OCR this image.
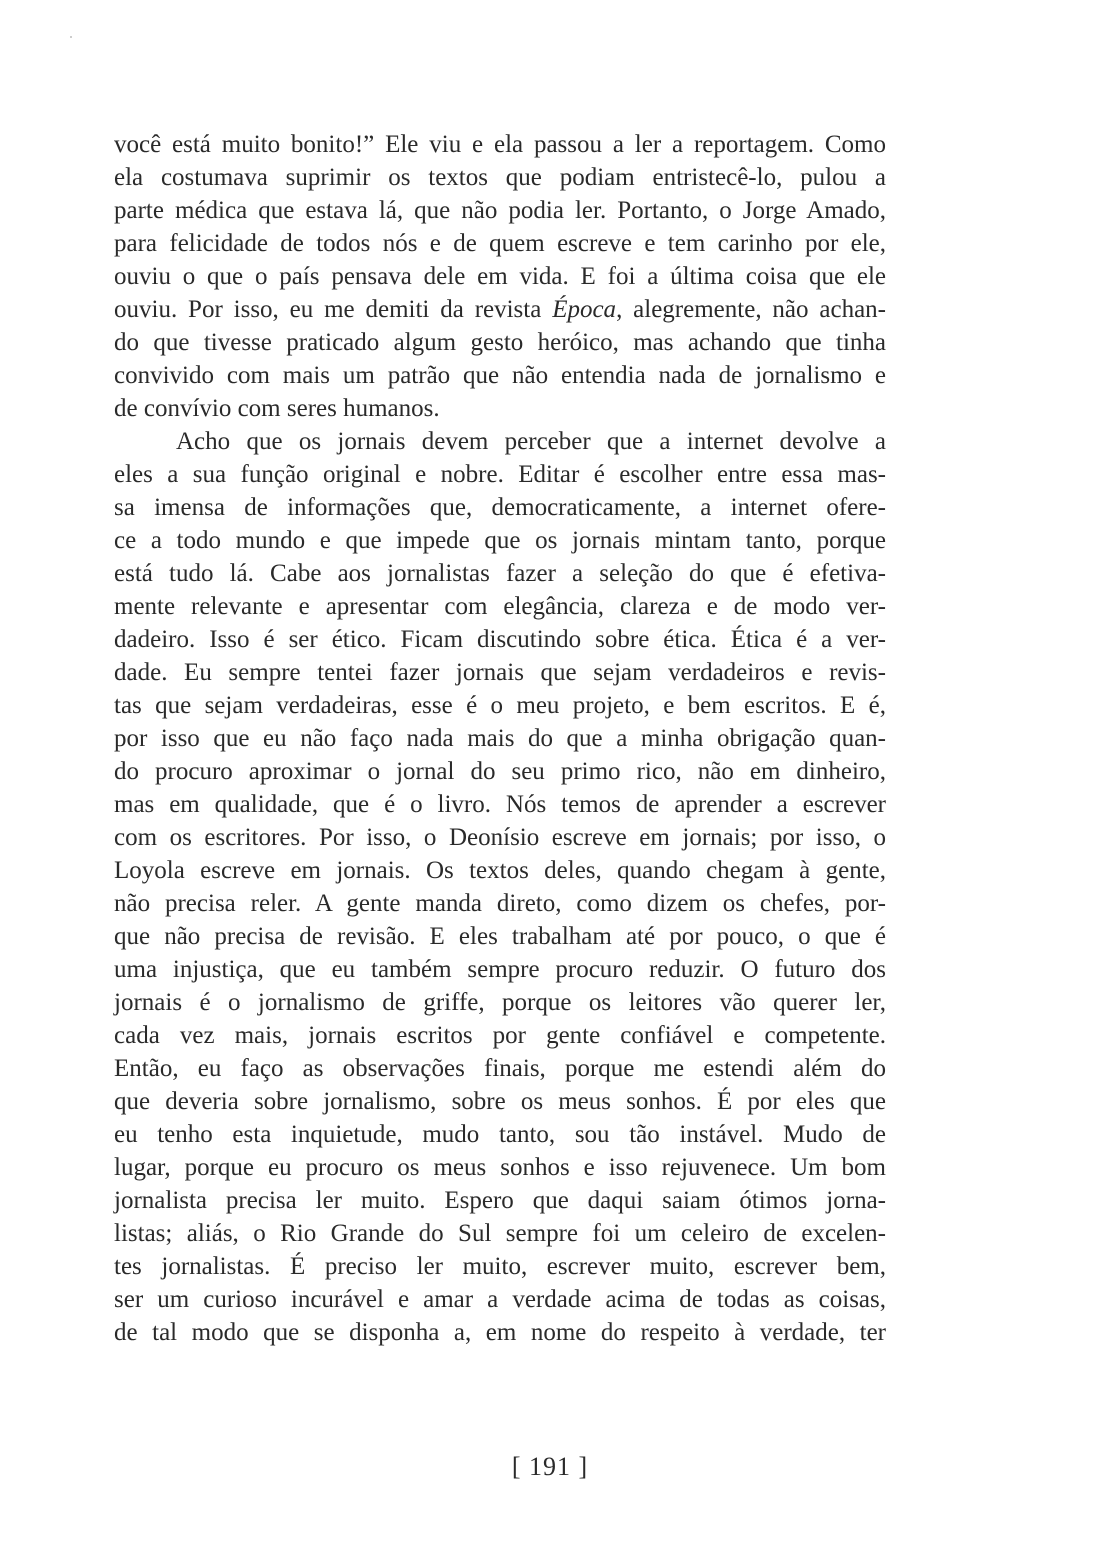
você está muito bonito!” Ele viu e ela passou a ler a reportagem. Como
ela costumava suprimir os textos que podiam entristecê-lo, pulou a
parte médica que estava lá, que não podia ler. Portanto, o Jorge Amado,
para felicidade de todos nós e de quem escreve e tem carinho por ele,
ouviu o que o país pensava dele em vida. E foi a última coisa que ele
ouviu. Por isso, eu me demiti da revista Época, alegremente, não achan-
do que tivesse praticado algum gesto heróico, mas achando que tinha
convivido com mais um patrão que não entendia nada de jornalismo e
de convívio com seres humanos.
Acho que os jornais devem perceber que a internet devolve a
eles a sua função original e nobre. Editar é escolher entre essa mas-
sa imensa de informações que, democraticamente, a internet ofere-
ce a todo mundo e que impede que os jornais mintam tanto, porque
está tudo lá. Cabe aos jornalistas fazer a seleção do que é efetiva-
mente relevante e apresentar com elegância, clareza e de modo ver-
dadeiro. Isso é ser ético. Ficam discutindo sobre ética. Ética é a ver-
dade. Eu sempre tentei fazer jornais que sejam verdadeiros e revis-
tas que sejam verdadeiras, esse é o meu projeto, e bem escritos. E é,
por isso que eu não faço nada mais do que a minha obrigação quan-
do procuro aproximar o jornal do seu primo rico, não em dinheiro,
mas em qualidade, que é o livro. Nós temos de aprender a escrever
com os escritores. Por isso, o Deonísio escreve em jornais; por isso, o
Loyola escreve em jornais. Os textos deles, quando chegam à gente,
não precisa reler. A gente manda direto, como dizem os chefes, por-
que não precisa de revisão. E eles trabalham até por pouco, o que é
uma injustiça, que eu também sempre procuro reduzir. O futuro dos
jornais é o jornalismo de griffe, porque os leitores vão querer ler,
cada vez mais, jornais escritos por gente confiável e competente.
Então, eu faço as observações finais, porque me estendi além do
que deveria sobre jornalismo, sobre os meus sonhos. É por eles que
eu tenho esta inquietude, mudo tanto, sou tão instável. Mudo de
lugar, porque eu procuro os meus sonhos e isso rejuvenece. Um bom
jornalista precisa ler muito. Espero que daqui saiam ótimos jorna-
listas; aliás, o Rio Grande do Sul sempre foi um celeiro de excelen-
tes jornalistas. É preciso ler muito, escrever muito, escrever bem,
ser um curioso incurável e amar a verdade acima de todas as coisas,
de tal modo que se disponha a, em nome do respeito à verdade, ter
[ 191 ]
